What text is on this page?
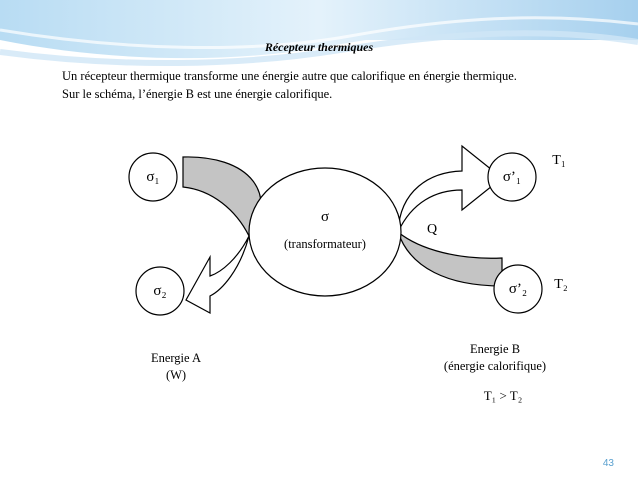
Récepteur thermiques
Un récepteur thermique transforme une énergie autre que calorifique en énergie thermique. Sur le schéma, l’énergie B est une énergie calorifique.
σ₁
σ₂
σ’₁
σ’₂
σ
(transformateur)
T₁
T₂
Q
Energie A
(W)
Energie B
(énergie calorifique)
T₁ > T₂
43
